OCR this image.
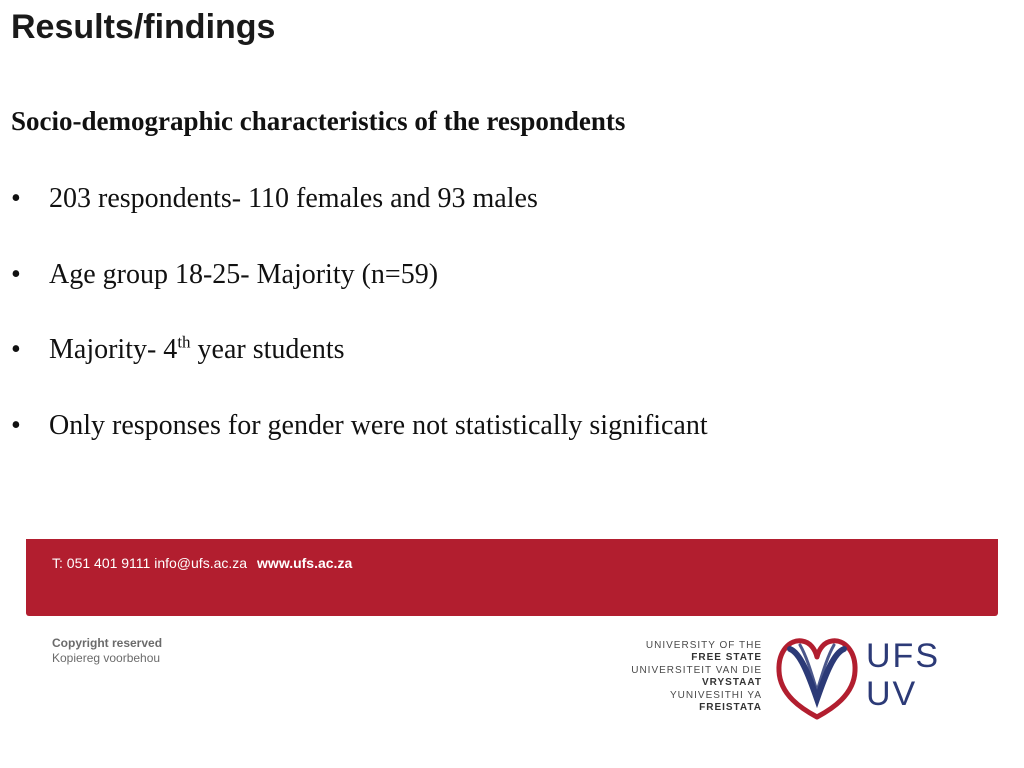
Results/findings
Socio-demographic characteristics of the respondents
• 203 respondents- 110 females and 93 males
• Age group 18-25- Majority (n=59)
• Majority- 4th year students
• Only responses for gender were not statistically significant
T: 051 401 9111 info@ufs.ac.za www.ufs.ac.za
Copyright reserved
Kopiereg voorbehou
UNIVERSITY OF THE
FREE STATE
UNIVERSITEIT VAN DIE
VRYSTAAT
YUNIVESITHI YA
FREISTATA
UFS
UV
